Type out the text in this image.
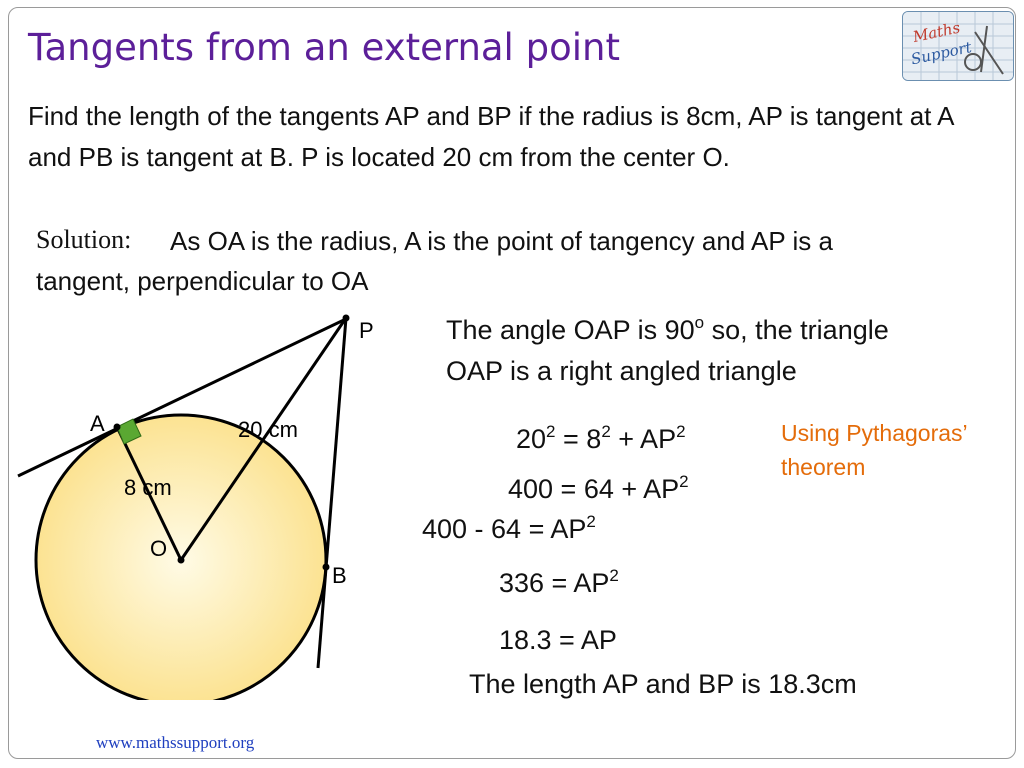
Tangents from an external point	Maths
Support
Find the length of the tangents AP and BP if the radius is 8cm, AP is tangent at A and PB is tangent at B. P is located 20 cm from the center O.
Solution: As OA is the radius, A is the point of tangency and AP is a
tangent, perpendicular to OA
P
A
B
O
20 cm
8 cm
The angle OAP is 90$^o$ so, the triangle
OAP is a right angled triangle
$20^2 = 8^2 + AP^2$
$400 = 64 + AP^2$
$400 - 64 = AP^2$
$336 = AP^2$
18.3 = AP
The length AP and BP is 18.3cm
Using Pythagoras’ theorem
www.mathssupport.org
